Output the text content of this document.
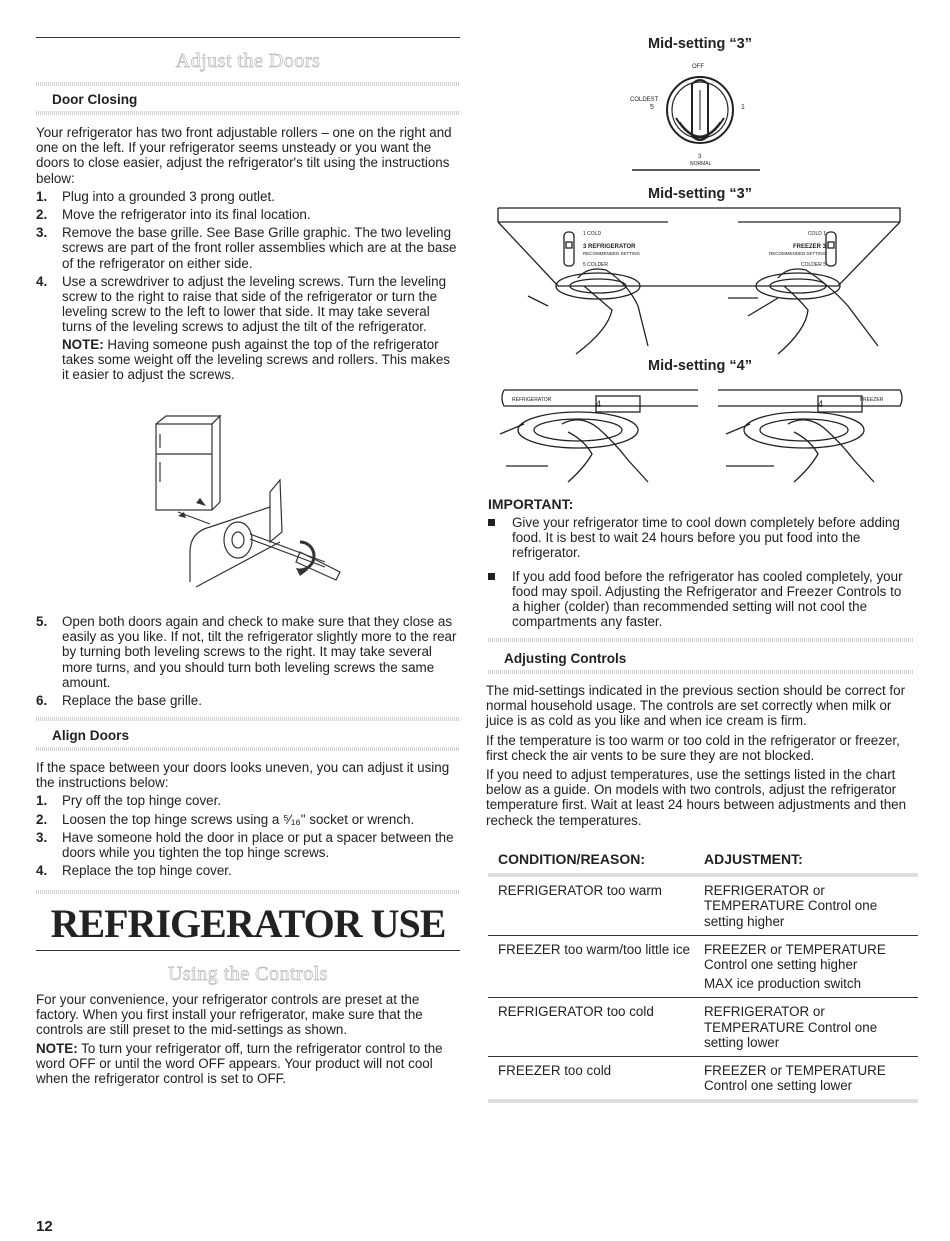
Adjust the Doors
Door Closing

Your refrigerator has two front adjustable rollers – one on the right and one on the left. If your refrigerator seems unsteady or you want the doors to close easier, adjust the refrigerator's tilt using the instructions below:

1. Plug into a grounded 3 prong outlet.
2. Move the refrigerator into its final location.
3. Remove the base grille. See Base Grille graphic. The two leveling screws are part of the front roller assemblies which are at the base of the refrigerator on either side.
4. Use a screwdriver to adjust the leveling screws. Turn the leveling screw to the right to raise that side of the refrigerator or turn the leveling screw to the left to lower that side. It may take several turns of the leveling screws to adjust the tilt of the refrigerator.
NOTE: Having someone push against the top of the refrigerator takes some weight off the leveling screws and rollers. This makes it easier to adjust the screws.
5. Open both doors again and check to make sure that they close as easily as you like. If not, tilt the refrigerator slightly more to the rear by turning both leveling screws to the right. It may take several more turns, and you should turn both leveling screws the same amount.
6. Replace the base grille.
Align Doors

If the space between your doors looks uneven, you can adjust it using the instructions below:

1. Pry off the top hinge cover.
2. Loosen the top hinge screws using a ⁵⁄₁₆" socket or wrench.
3. Have someone hold the door in place or put a spacer between the doors while you tighten the top hinge screws.
4. Replace the top hinge cover.
REFRIGERATOR USE
Using the Controls

For your convenience, your refrigerator controls are preset at the factory. When you first install your refrigerator, make sure that the controls are still preset to the mid-settings as shown.

NOTE: To turn your refrigerator off, turn the refrigerator control to the word OFF or until the word OFF appears. Your product will not cool when the refrigerator control is set to OFF.

12
Mid-setting “3”
OFF
COLDEST
5	1
3
NORMAL
Mid-setting “3”
1 COLD
3 REFRIGERATOR
RECOMMENDED SETTING
5 COLDER
COLD 1
FREEZER 3
RECOMMENDED SETTING
COLDER 5
Mid-setting “4”
REFRIGERATOR	FREEZER
4	4
IMPORTANT:
Give your refrigerator time to cool down completely before adding food. It is best to wait 24 hours before you put food into the refrigerator.
If you add food before the refrigerator has cooled completely, your food may spoil. Adjusting the Refrigerator and Freezer Controls to a higher (colder) than recommended setting will not cool the compartments any faster.
Adjusting Controls

The mid-settings indicated in the previous section should be correct for normal household usage. The controls are set correctly when milk or juice is as cold as you like and when ice cream is firm.

If the temperature is too warm or too cold in the refrigerator or freezer, first check the air vents to be sure they are not blocked.

If you need to adjust temperatures, use the settings listed in the chart below as a guide. On models with two controls, adjust the refrigerator temperature first. Wait at least 24 hours between adjustments and then recheck the temperatures.

CONDITION/REASON:	ADJUSTMENT:
REFRIGERATOR too warm	REFRIGERATOR or TEMPERATURE Control one setting higher
FREEZER too warm/too little ice	FREEZER or TEMPERATURE Control one setting higher
MAX ice production switch

REFRIGERATOR too cold	REFRIGERATOR or TEMPERATURE Control one setting lower
FREEZER too cold	FREEZER or TEMPERATURE Control one setting lower
